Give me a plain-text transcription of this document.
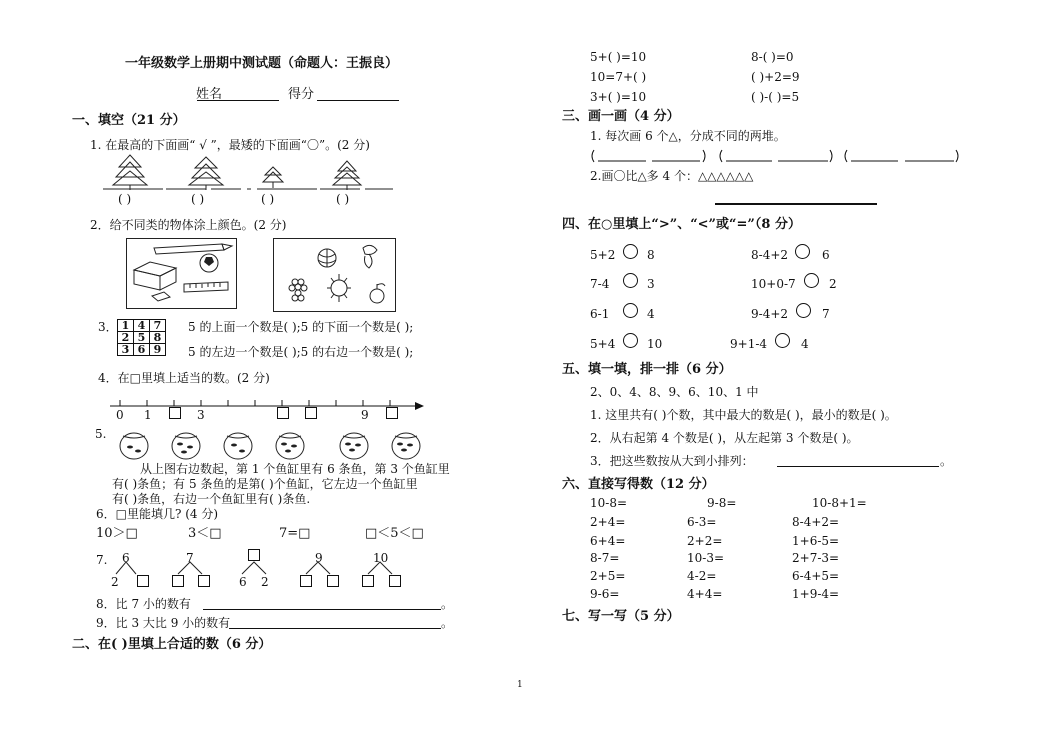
一年级数学上册期中测试题（命题人：王振良）
姓名	得分
一、填空（21 分）
1. 在最高的下面画“ √ ”，最矮的下面画“〇”。(2 分)
( )	( )	( )	( )
2．给不同类的物体涂上颜色。(2 分)
3． 1	4	7
2	5	8
3	6	9
5 的上面一个数是( );5 的下面一个数是( );
5 的左边一个数是( );5 的右边一个数是( );
4．在□里填上适当的数。(2 分)
0 1	3	9
5.
从上图右边数起，第 1 个鱼缸里有 6 条鱼，第 3 个鱼缸里
有( )条鱼；有 5 条鱼的是第( )个鱼缸，它左边一个鱼缸里
有( )条鱼，右边一个鱼缸里有( )条鱼.
6．□里能填几? (4 分)
10＞□	3＜□	7=□	□＜5＜□
7. 6
2
7
6 2
9	10
8．比 7 小的数有	。
9．比 3 大比 9 小的数有	。
二、在( )里填上合适的数（6 分）
5+( )=10	8-( )=0
10=7+( )	( )+2=9
3+( )=10	( )-( )=5
三、画一画（4 分）
1. 每次画 6 个△，分成不同的两堆。
2.画〇比△多 4 个：△△△△△△
四、在○里填上“>”、“<”或“=”（8 分）
5+2	8	8-4+2	6
7-4	3	10+0-7	2
6-1	4	9-4+2	7
5+4	10	9+1-4	4
五、填一填，排一排（6 分）
2、0、4、8、9、6、10、1 中
1. 这里共有( )个数，其中最大的数是( )，最小的数是( )。
2．从右起第 4 个数是( )，从左起第 3 个数是( )。
3．把这些数按从大到小排列：	。
六、直接写得数（12 分）
10-8=	9-8=	10-8+1=
2+4=	6-3=	8-4+2=
6+4=	2+2=	1+6-5=
8-7=	10-3=	2+7-3=
2+5=	4-2=	6-4+5=
9-6=	4+4=	1+9-4=
七、写一写（5 分）
1
